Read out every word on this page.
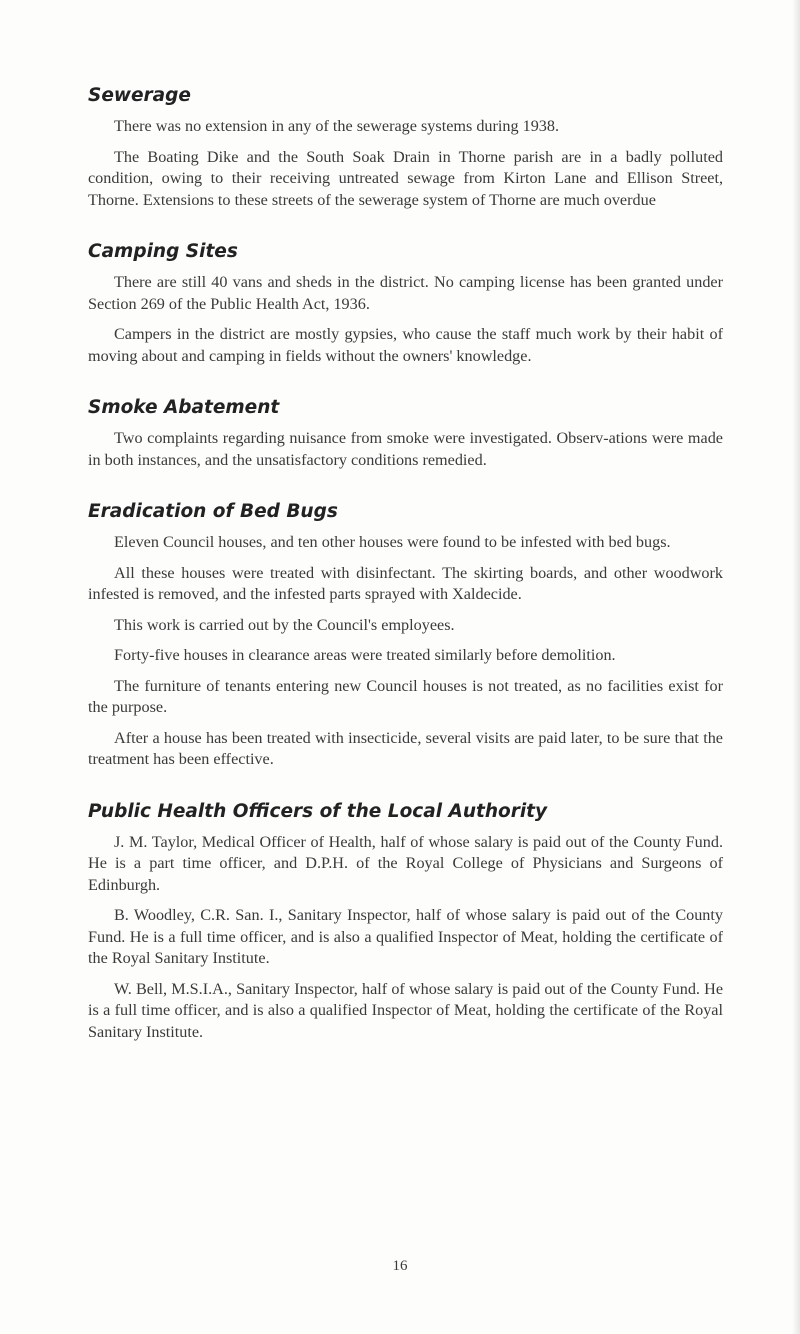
Sewerage

There was no extension in any of the sewerage systems during 1938.

The Boating Dike and the South Soak Drain in Thorne parish are in a badly polluted condition, owing to their receiving untreated sewage from Kirton Lane and Ellison Street, Thorne. Extensions to these streets of the sewerage system of Thorne are much overdue

Camping Sites

There are still 40 vans and sheds in the district. No camping license has been granted under Section 269 of the Public Health Act, 1936.

Campers in the district are mostly gypsies, who cause the staff much work by their habit of moving about and camping in fields without the owners' knowledge.

Smoke Abatement

Two complaints regarding nuisance from smoke were investigated. Observ-ations were made in both instances, and the unsatisfactory conditions remedied.

Eradication of Bed Bugs

Eleven Council houses, and ten other houses were found to be infested with bed bugs.

All these houses were treated with disinfectant. The skirting boards, and other woodwork infested is removed, and the infested parts sprayed with Xaldecide.

This work is carried out by the Council's employees.

Forty-five houses in clearance areas were treated similarly before demolition.

The furniture of tenants entering new Council houses is not treated, as no facilities exist for the purpose.

After a house has been treated with insecticide, several visits are paid later, to be sure that the treatment has been effective.

Public Health Officers of the Local Authority

J. M. Taylor, Medical Officer of Health, half of whose salary is paid out of the County Fund. He is a part time officer, and D.P.H. of the Royal College of Physicians and Surgeons of Edinburgh.

B. Woodley, C.R. San. I., Sanitary Inspector, half of whose salary is paid out of the County Fund. He is a full time officer, and is also a qualified Inspector of Meat, holding the certificate of the Royal Sanitary Institute.

W. Bell, M.S.I.A., Sanitary Inspector, half of whose salary is paid out of the County Fund. He is a full time officer, and is also a qualified Inspector of Meat, holding the certificate of the Royal Sanitary Institute.

16
